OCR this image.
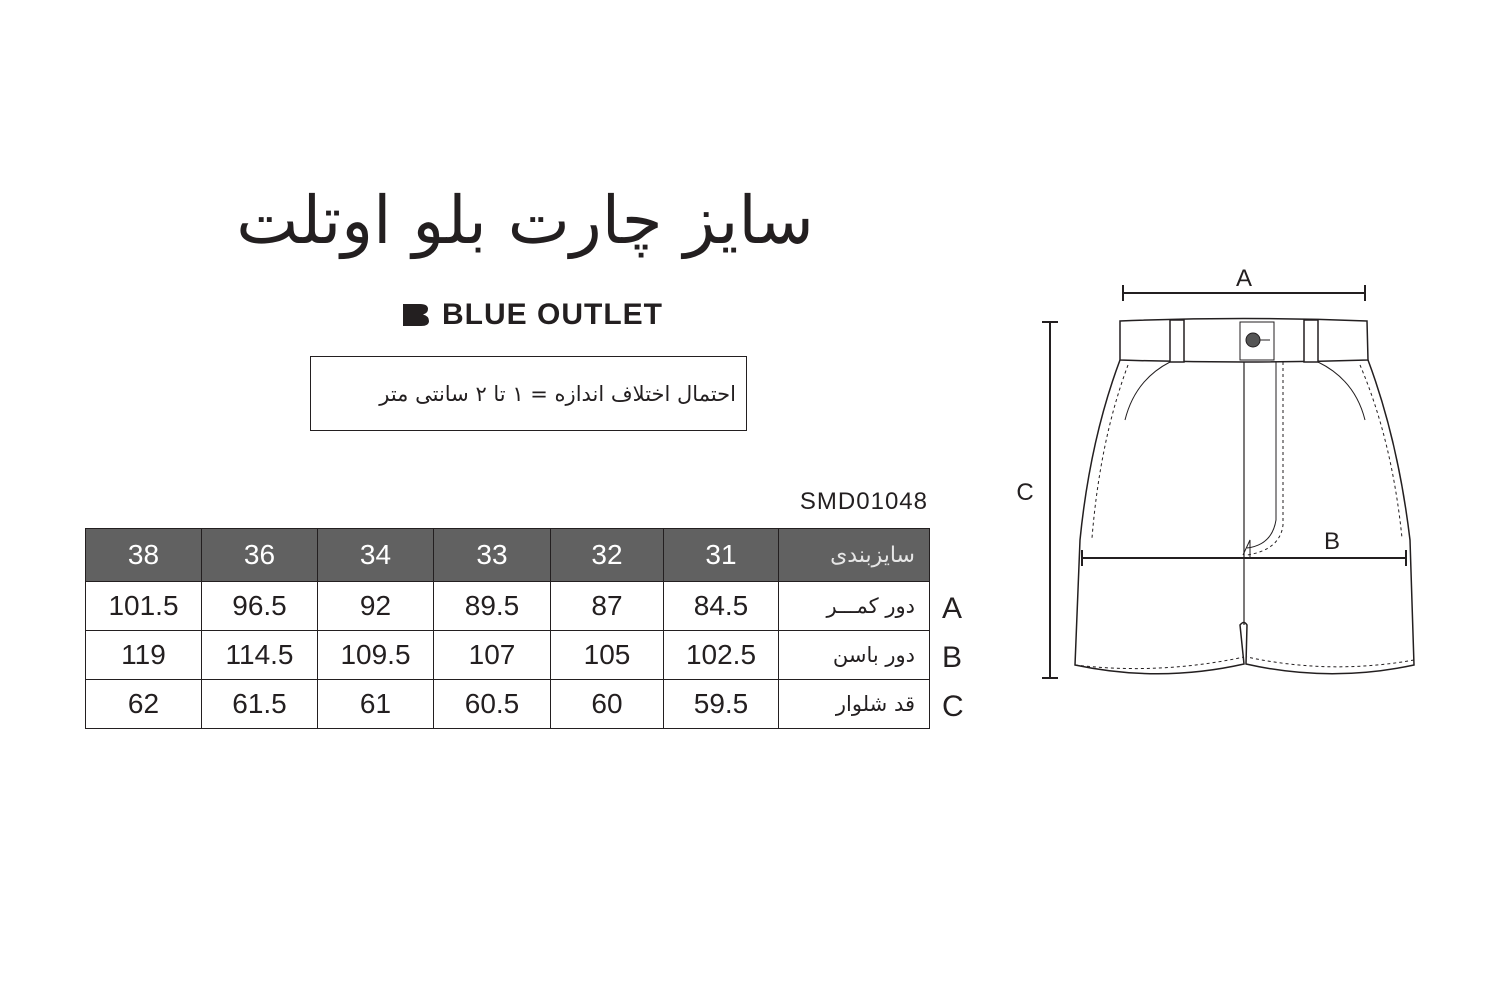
سایز چارت بلو اوتلت
BLUE OUTLET
احتمال اختلاف اندازه = ۱ تا ۲ سانتی متر
SMD01048
38	36	34	33	32	31	سایزبندی
101.5	96.5	92	89.5	87	84.5	دور کمـــر
119	114.5	109.5	107	105	102.5	دور باسن
62	61.5	61	60.5	60	59.5	قد شلوار
A
B
C
A
C
B
